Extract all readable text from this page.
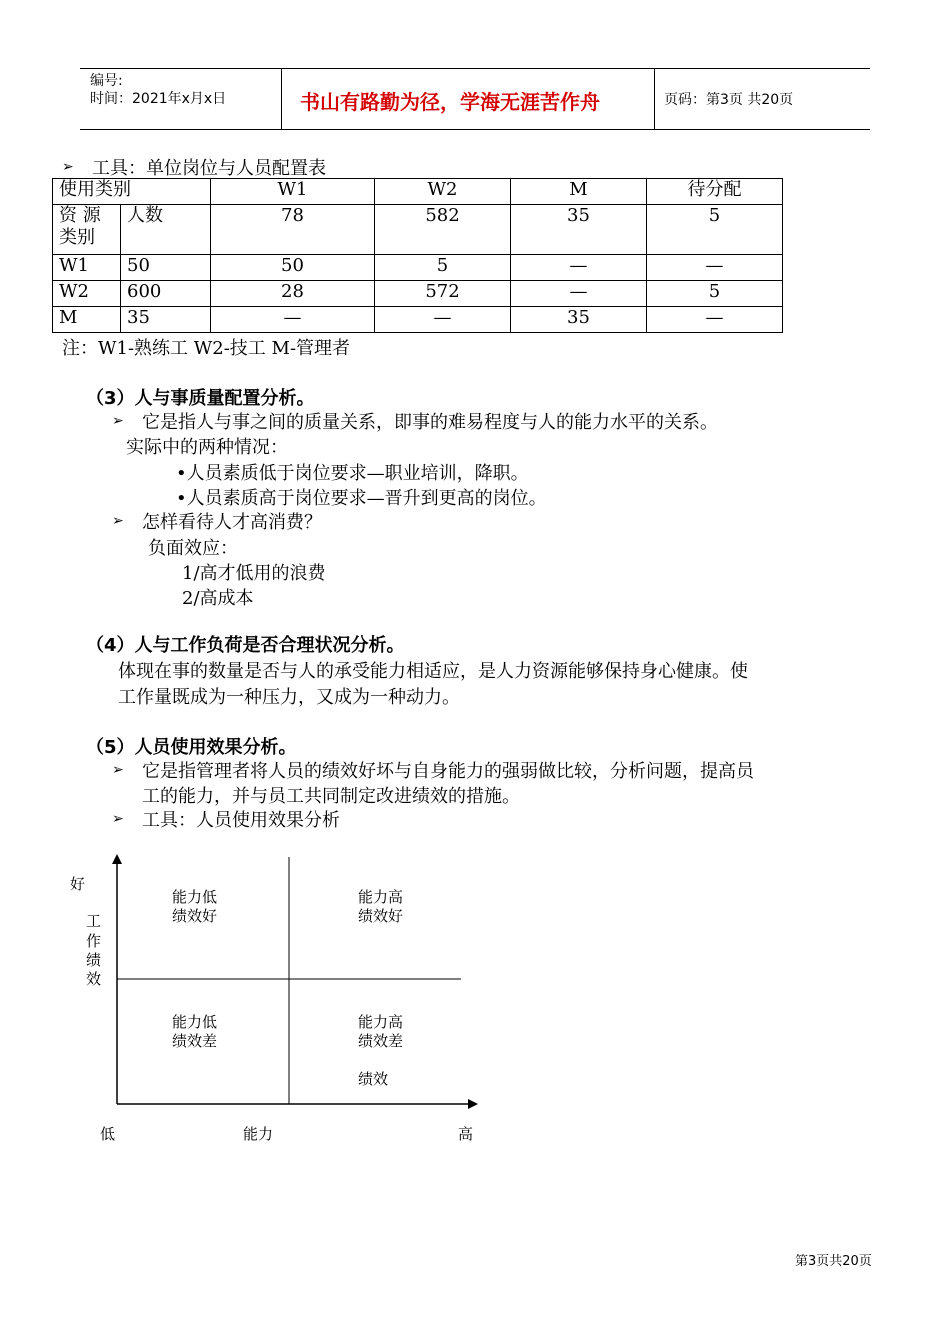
编号:
时间：2021年x月x日	书山有路勤为径，学海无涯苦作舟	页码：第3页 共20页
➢ 工具：单位岗位与人员配置表
使用类别		W1	W2	M	待分配
资 源
类别	人数	78	582	35	5
W1	50	50	5	—	—
W2	600	28	572	—	5
M	35	—	—	35	—
注：W1-熟练工 W2-技工 M-管理者
（3）人与事质量配置分析。
➢ 它是指人与事之间的质量关系，即事的难易程度与人的能力水平的关系。
实际中的两种情况：
•人员素质低于岗位要求—职业培训，降职。
•人员素质高于岗位要求—晋升到更高的岗位。
➢ 怎样看待人才高消费？
负面效应：
1/高才低用的浪费
2/高成本
（4）人与工作负荷是否合理状况分析。
体现在事的数量是否与人的承受能力相适应，是人力资源能够保持身心健康。使
工作量既成为一种压力，又成为一种动力。
（5）人员使用效果分析。
➢ 它是指管理者将人员的绩效好坏与自身能力的强弱做比较，分析问题，提高员
工的能力，并与员工共同制定改进绩效的措施。
➢ 工具：人员使用效果分析
好
工
作
绩
效
能力低
绩效好
能力高
绩效好
能力低
绩效差
能力高
绩效差
绩效
低	能力	高
第3页共20页
